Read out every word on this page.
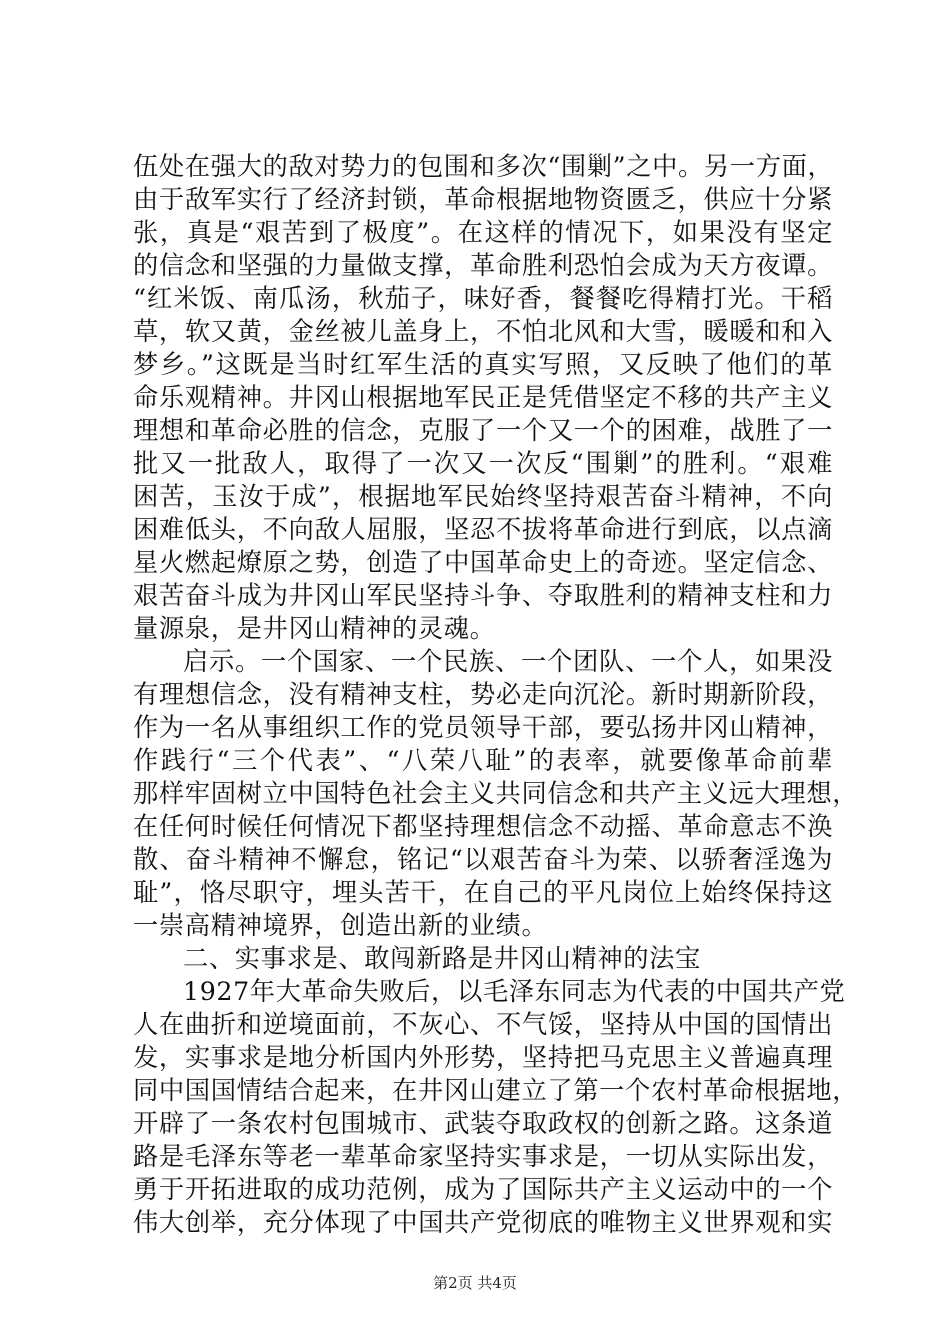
伍处在强大的敌对势力的包围和多次“围剿”之中。另一方面，
由于敌军实行了经济封锁，革命根据地物资匮乏，供应十分紧
张，真是“艰苦到了极度”。在这样的情况下，如果没有坚定
的信念和坚强的力量做支撑，革命胜利恐怕会成为天方夜谭。
“红米饭、南瓜汤，秋茄子，味好香，餐餐吃得精打光。干稻
草，软又黄，金丝被儿盖身上，不怕北风和大雪，暖暖和和入
梦乡。”这既是当时红军生活的真实写照，又反映了他们的革
命乐观精神。井冈山根据地军民正是凭借坚定不移的共产主义
理想和革命必胜的信念，克服了一个又一个的困难，战胜了一
批又一批敌人，取得了一次又一次反“围剿”的胜利。“艰难
困苦，玉汝于成”，根据地军民始终坚持艰苦奋斗精神，不向
困难低头，不向敌人屈服，坚忍不拔将革命进行到底，以点滴
星火燃起燎原之势，创造了中国革命史上的奇迹。坚定信念、
艰苦奋斗成为井冈山军民坚持斗争、夺取胜利的精神支柱和力
量源泉，是井冈山精神的灵魂。
启示。一个国家、一个民族、一个团队、一个人，如果没
有理想信念，没有精神支柱，势必走向沉沦。新时期新阶段，
作为一名从事组织工作的党员领导干部，要弘扬井冈山精神，
作践行“三个代表”、“八荣八耻”的表率，就要像革命前辈
那样牢固树立中国特色社会主义共同信念和共产主义远大理想，
在任何时候任何情况下都坚持理想信念不动摇、革命意志不涣
散、奋斗精神不懈怠，铭记“以艰苦奋斗为荣、以骄奢淫逸为
耻”，恪尽职守，埋头苦干，在自己的平凡岗位上始终保持这
一崇高精神境界，创造出新的业绩。
二、实事求是、敢闯新路是井冈山精神的法宝
1927年大革命失败后，以毛泽东同志为代表的中国共产党
人在曲折和逆境面前，不灰心、不气馁，坚持从中国的国情出
发，实事求是地分析国内外形势，坚持把马克思主义普遍真理
同中国国情结合起来，在井冈山建立了第一个农村革命根据地，
开辟了一条农村包围城市、武装夺取政权的创新之路。这条道
路是毛泽东等老一辈革命家坚持实事求是，一切从实际出发，
勇于开拓进取的成功范例，成为了国际共产主义运动中的一个
伟大创举，充分体现了中国共产党彻底的唯物主义世界观和实
第2页 共4页
